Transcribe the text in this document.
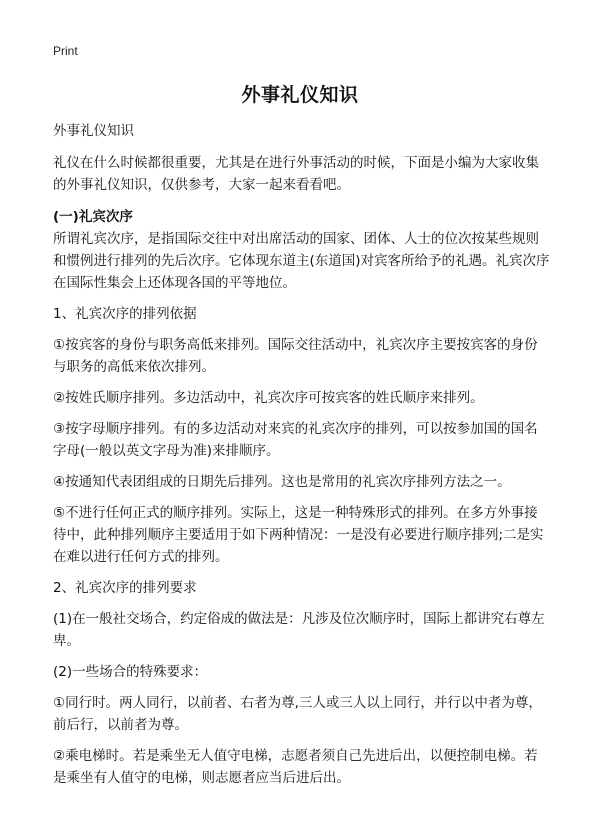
Print
外事礼仪知识

外事礼仪知识

礼仪在什么时候都很重要，尤其是在进行外事活动的时候，下面是小编为大家收集的外事礼仪知识，仅供参考，大家一起来看看吧。

(一)礼宾次序

所谓礼宾次序，是指国际交往中对出席活动的国家、团体、人士的位次按某些规则和惯例进行排列的先后次序。它体现东道主(东道国)对宾客所给予的礼遇。礼宾次序在国际性集会上还体现各国的平等地位。

1、礼宾次序的排列依据

①按宾客的身份与职务高低来排列。国际交往活动中，礼宾次序主要按宾客的身份与职务的高低来依次排列。

②按姓氏顺序排列。多边活动中，礼宾次序可按宾客的姓氏顺序来排列。

③按字母顺序排列。有的多边活动对来宾的礼宾次序的排列，可以按参加国的国名字母(一般以英文字母为准)来排顺序。

④按通知代表团组成的日期先后排列。这也是常用的礼宾次序排列方法之一。

⑤不进行任何正式的顺序排列。实际上，这是一种特殊形式的排列。在多方外事接待中，此种排列顺序主要适用于如下两种情况：一是没有必要进行顺序排列;二是实在难以进行任何方式的排列。

2、礼宾次序的排列要求

(1)在一般社交场合，约定俗成的做法是：凡涉及位次顺序时，国际上都讲究右尊左卑。

(2)一些场合的特殊要求：

①同行时。两人同行，以前者、右者为尊,三人或三人以上同行，并行以中者为尊，前后行，以前者为尊。

②乘电梯时。若是乘坐无人值守电梯，志愿者须自己先进后出，以便控制电梯。若是乘坐有人值守的电梯，则志愿者应当后进后出。
